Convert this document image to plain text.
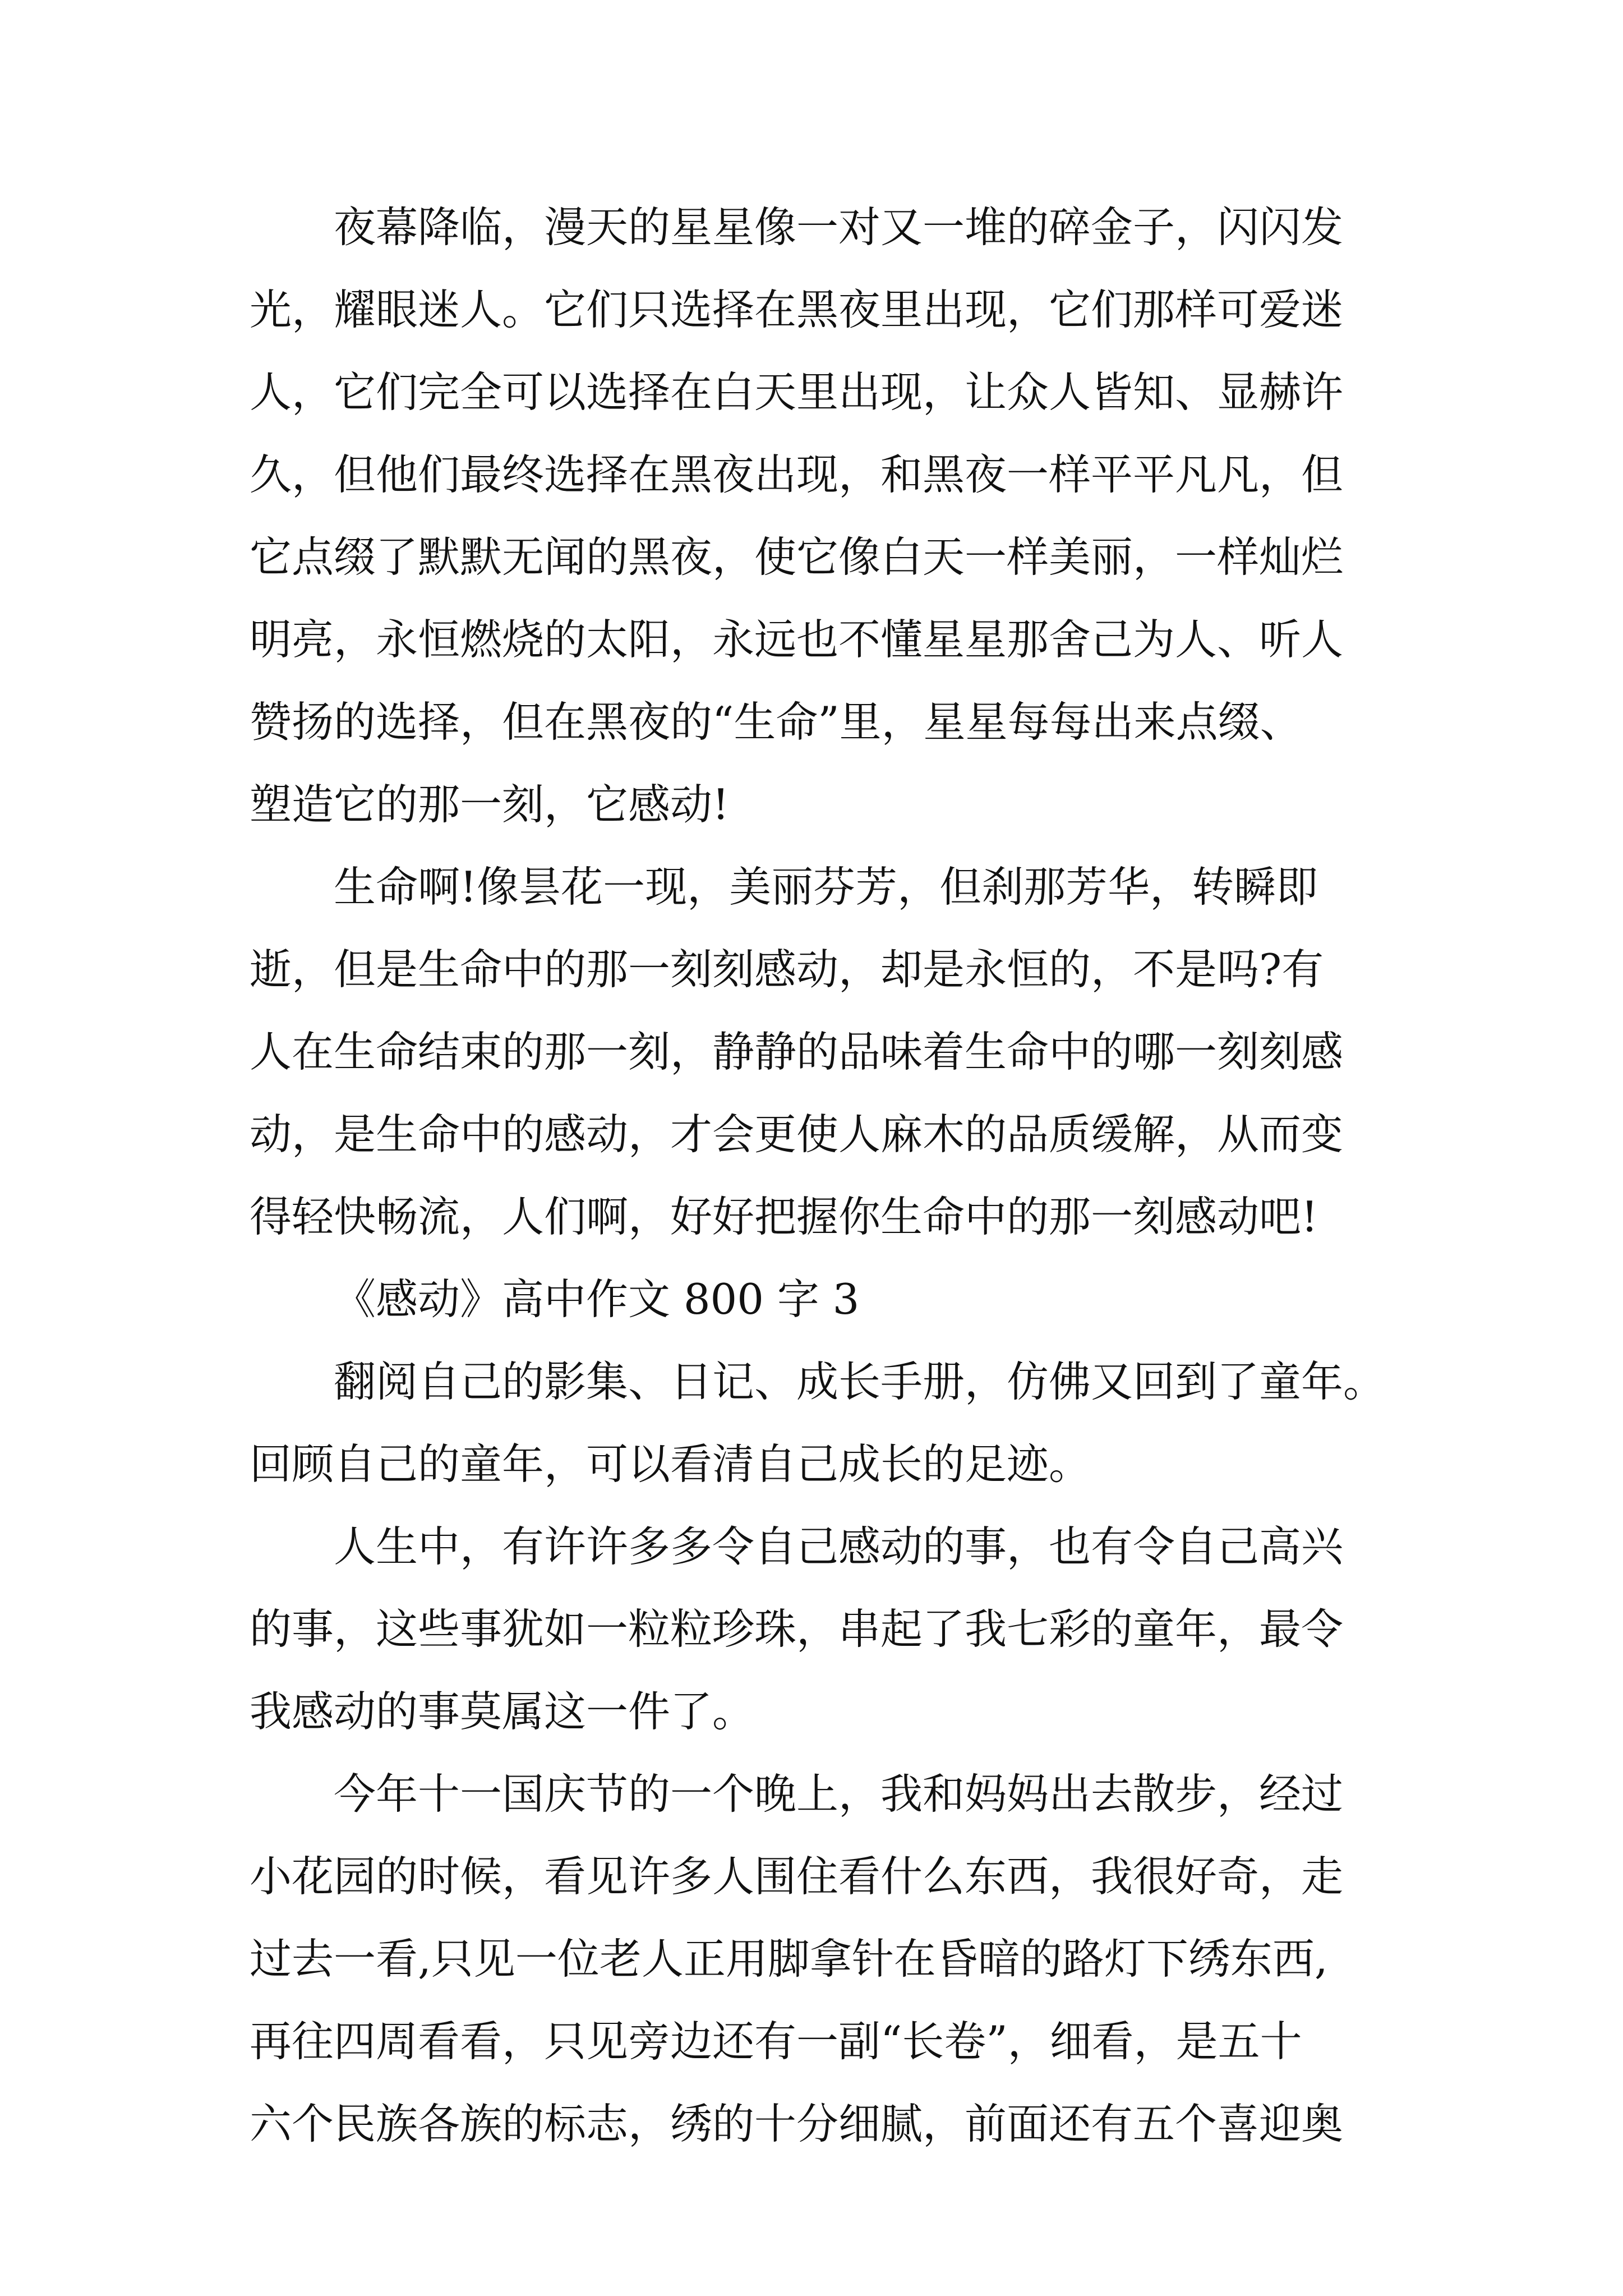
夜幕降临，漫天的星星像一对又一堆的碎金子，闪闪发
光，耀眼迷人。它们只选择在黑夜里出现，它们那样可爱迷
人，它们完全可以选择在白天里出现，让众人皆知、显赫许
久，但他们最终选择在黑夜出现，和黑夜一样平平凡凡，但
它点缀了默默无闻的黑夜，使它像白天一样美丽，一样灿烂
明亮，永恒燃烧的太阳，永远也不懂星星那舍己为人、听人
赞扬的选择，但在黑夜的“生命”里，星星每每出来点缀、
塑造它的那一刻，它感动!
生命啊!像昙花一现，美丽芬芳，但刹那芳华，转瞬即
逝，但是生命中的那一刻刻感动，却是永恒的，不是吗?有
人在生命结束的那一刻，静静的品味着生命中的哪一刻刻感
动，是生命中的感动，才会更使人麻木的品质缓解，从而变
得轻快畅流，人们啊，好好把握你生命中的那一刻感动吧!
《感动》高中作文 800 字 3
翻阅自己的影集、日记、成长手册，仿佛又回到了童年。
回顾自己的童年，可以看清自己成长的足迹。
人生中，有许许多多令自己感动的事，也有令自己高兴
的事，这些事犹如一粒粒珍珠，串起了我七彩的童年，最令
我感动的事莫属这一件了。
今年十一国庆节的一个晚上，我和妈妈出去散步，经过
小花园的时候，看见许多人围住看什么东西，我很好奇，走
过去一看,只见一位老人正用脚拿针在昏暗的路灯下绣东西,
再往四周看看，只见旁边还有一副“长卷”，细看，是五十
六个民族各族的标志，绣的十分细腻，前面还有五个喜迎奥
